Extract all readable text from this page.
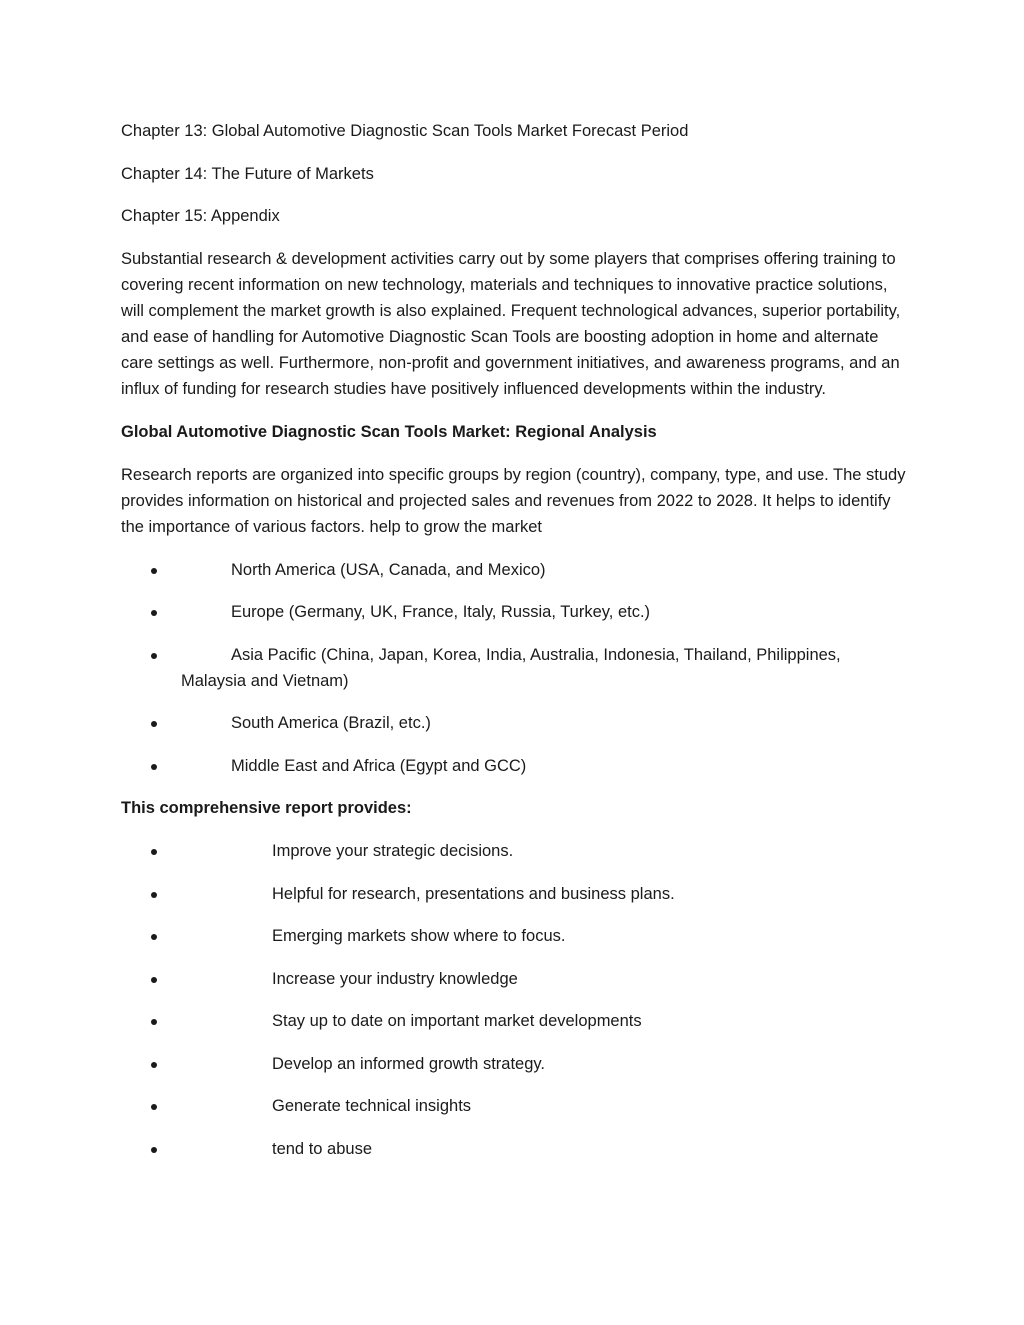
Chapter 13: Global Automotive Diagnostic Scan Tools Market Forecast Period

Chapter 14: The Future of Markets

Chapter 15: Appendix

Substantial research & development activities carry out by some players that comprises offering training to covering recent information on new technology, materials and techniques to innovative practice solutions, will complement the market growth is also explained. Frequent technological advances, superior portability, and ease of handling for Automotive Diagnostic Scan Tools are boosting adoption in home and alternate care settings as well. Furthermore, non-profit and government initiatives, and awareness programs, and an influx of funding for research studies have positively influenced developments within the industry.

Global Automotive Diagnostic Scan Tools Market: Regional Analysis

Research reports are organized into specific groups by region (country), company, type, and use. The study provides information on historical and projected sales and revenues from 2022 to 2028. It helps to identify the importance of various factors. help to grow the market

North America (USA, Canada, and Mexico)
Europe (Germany, UK, France, Italy, Russia, Turkey, etc.)
Asia Pacific (China, Japan, Korea, India, Australia, Indonesia, Thailand, Philippines, Malaysia and Vietnam)
South America (Brazil, etc.)
Middle East and Africa (Egypt and GCC)

This comprehensive report provides:

Improve your strategic decisions.
Helpful for research, presentations and business plans.
Emerging markets show where to focus.
Increase your industry knowledge
Stay up to date on important market developments
Develop an informed growth strategy.
Generate technical insights
tend to abuse
